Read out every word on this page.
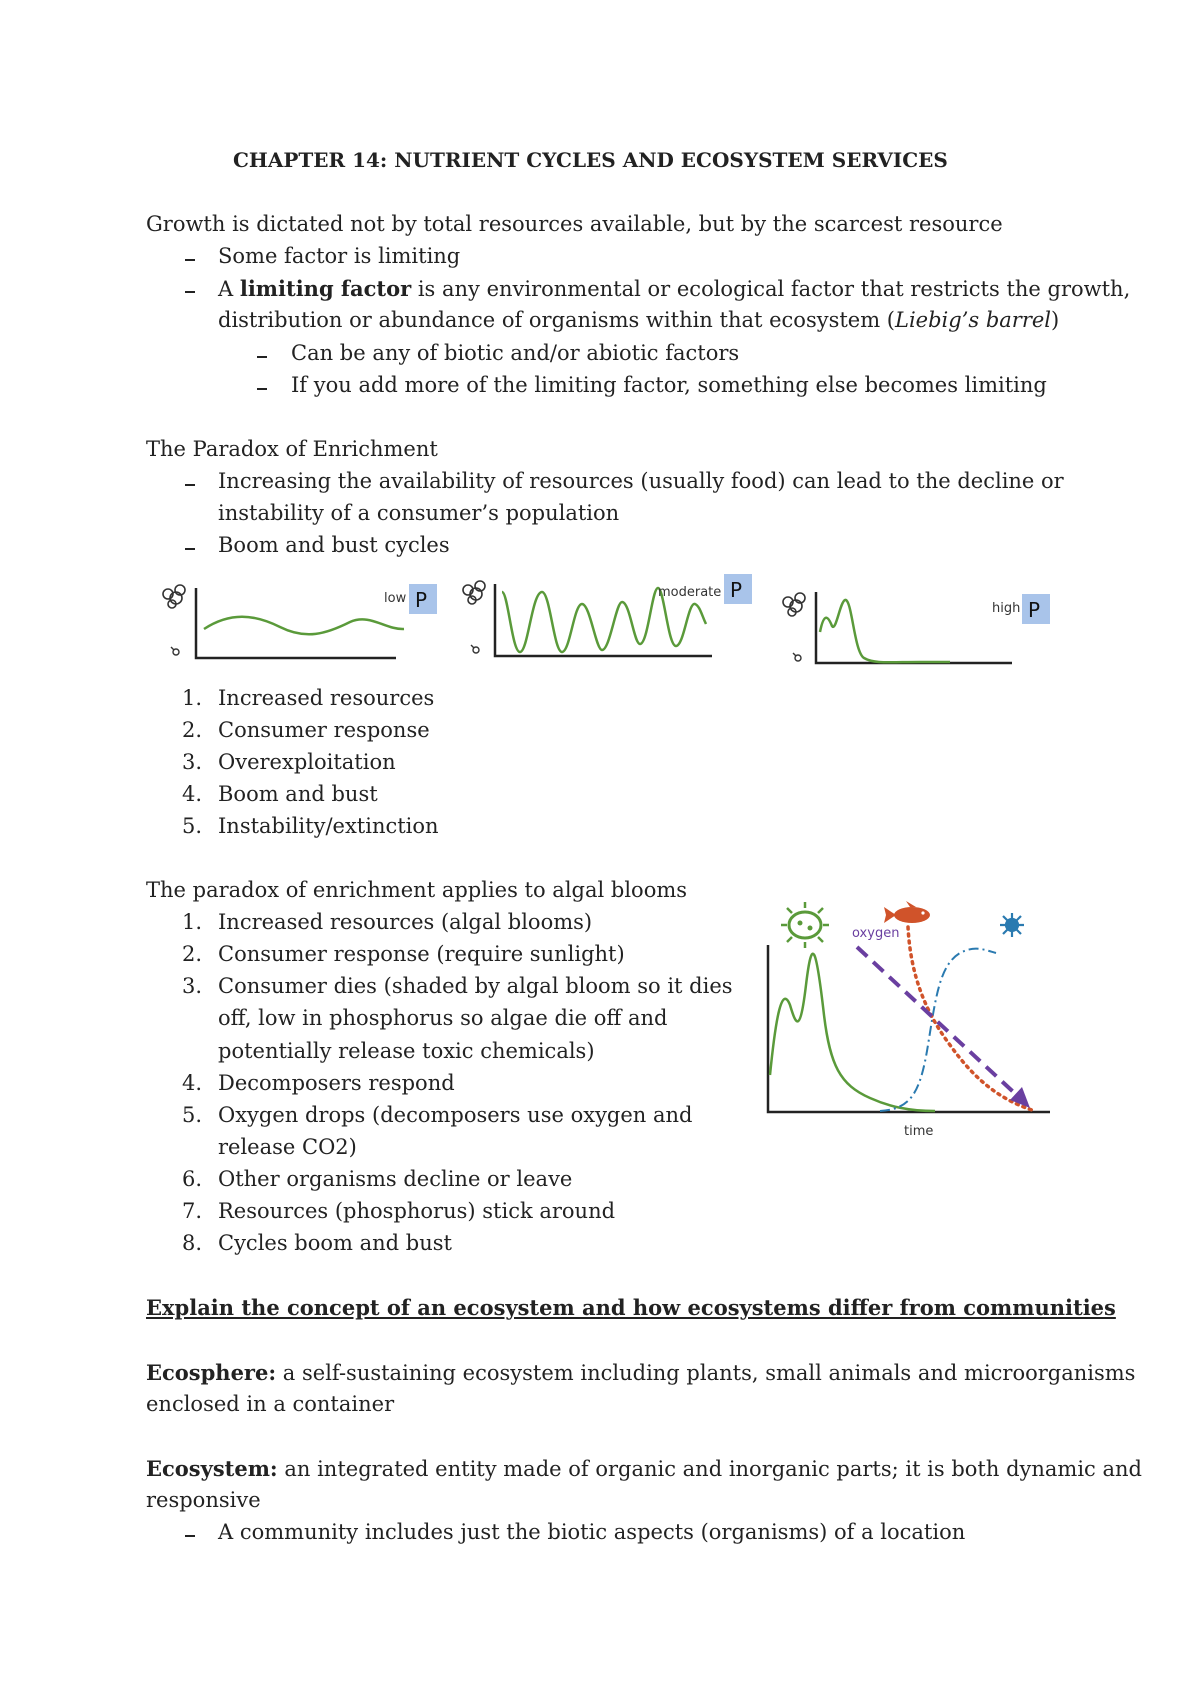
CHAPTER 14: NUTRIENT CYCLES AND ECOSYSTEM SERVICES
Growth is dictated not by total resources available, but by the scarcest resource
Some factor is limiting
A limiting factor is any environmental or ecological factor that restricts the growth,
distribution or abundance of organisms within that ecosystem (Liebig’s barrel)
Can be any of biotic and/or abiotic factors
If you add more of the limiting factor, something else becomes limiting
The Paradox of Enrichment
Increasing the availability of resources (usually food) can lead to the decline or
instability of a consumer’s population
Boom and bust cycles
low P	moderate P
high P
1. Increased resources
2. Consumer response
3. Overexploitation
4. Boom and bust
5. Instability/extinction
The paradox of enrichment applies to algal blooms
1. Increased resources (algal blooms)
2. Consumer response (require sunlight)
3. Consumer dies (shaded by algal bloom so it dies
off, low in phosphorus so algae die off and
potentially release toxic chemicals)
4. Decomposers respond
5. Oxygen drops (decomposers use oxygen and
release CO2)
6. Other organisms decline or leave
7. Resources (phosphorus) stick around
8. Cycles boom and bust
oxygen
time
Explain the concept of an ecosystem and how ecosystems differ from communities
Ecosphere: a self-sustaining ecosystem including plants, small animals and microorganisms
enclosed in a container
Ecosystem: an integrated entity made of organic and inorganic parts; it is both dynamic and
responsive
A community includes just the biotic aspects (organisms) of a location
